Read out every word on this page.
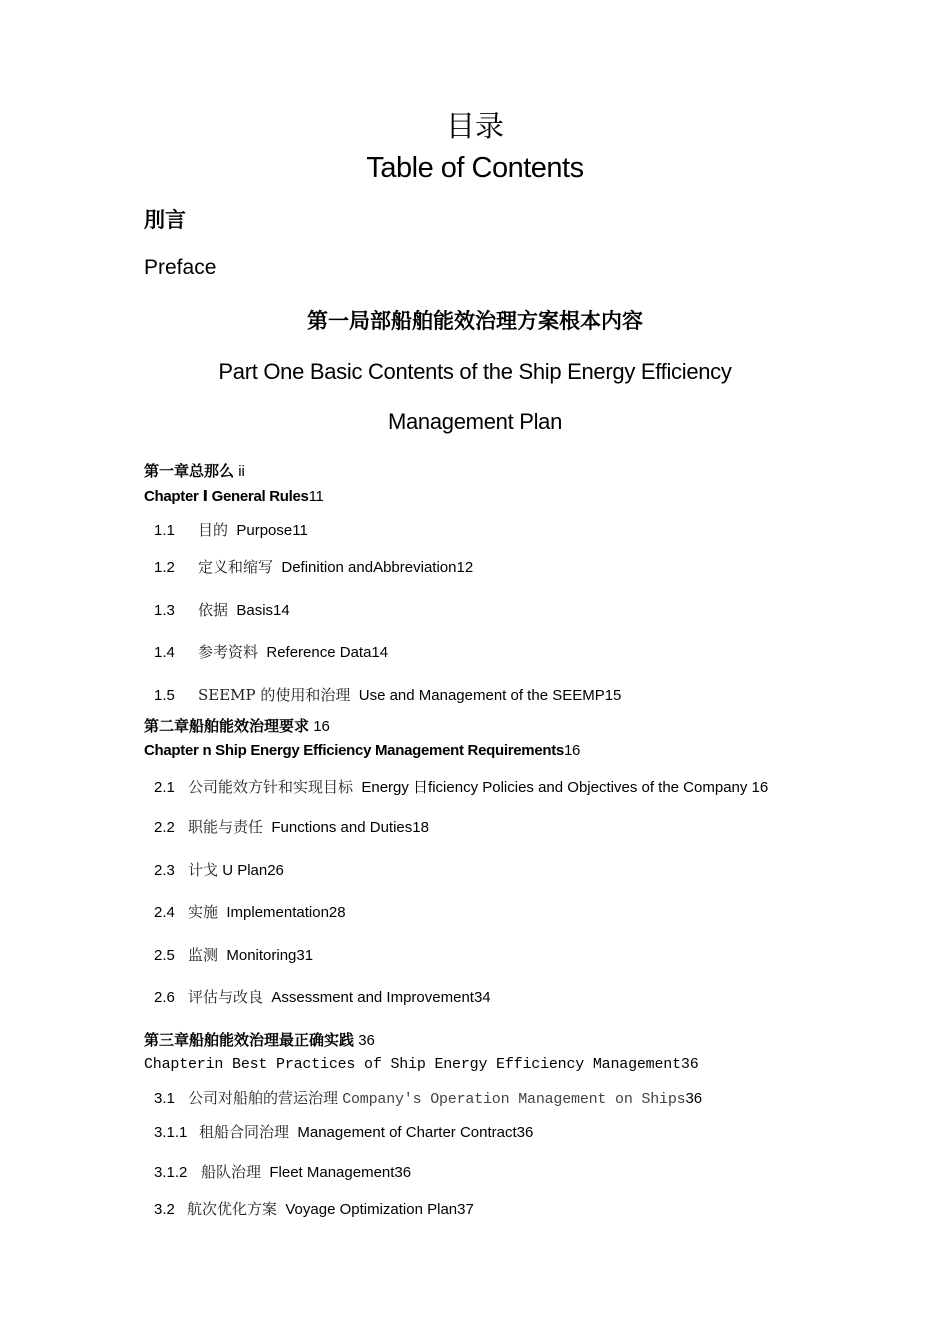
目录
Table of Contents
刖言
Preface
第一局部船舶能效治理方案根本内容
Part One Basic Contents of the Ship Energy Efficiency
Management Plan
第一章总那么 ii
Chapter Ⅰ General Rules11
1.1 目的 Purpose11
1.2 定义和缩写 Definition andAbbreviation12
1.3 依据 Basis14
1.4 参考资料 Reference Data14
1.5 SEEMP 的使用和治理 Use and Management of the SEEMP15
第二章船舶能效治理要求 16
Chapter n Ship Energy Efficiency Management Requirements16
2.1 公司能效方针和实现目标 Energy 日ficiency Policies and Objectives of the Company 16
2.2 职能与责任 Functions and Duties18
2.3 计戈 U Plan26
2.4 实施 Implementation28
2.5 监测 Monitoring31
2.6 评估与改良 Assessment and Improvement34
第三章船舶能效治理最正确实践 36
Chapterin Best Practices of Ship Energy Efficiency Management36
3.1 公司对船舶的营运治理 Company's Operation Management on Ships36
3.1.1 租船合同治理 Management of Charter Contract36
3.1.2 船队治理 Fleet Management36
3.2 航次优化方案 Voyage Optimization Plan37
